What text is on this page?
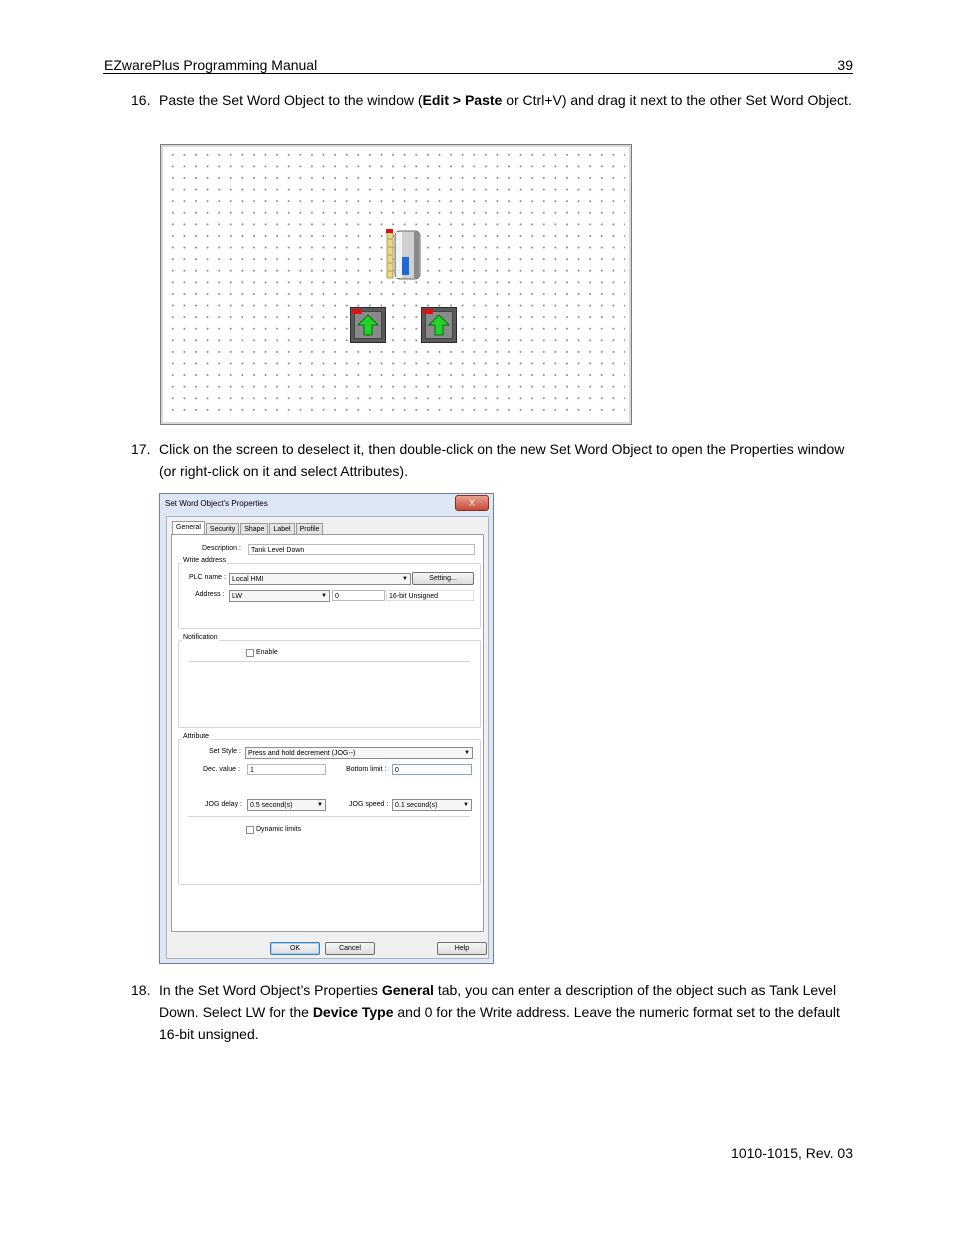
EZwarePlus Programming Manual	39
16. Paste the Set Word Object to the window (Edit > Paste or Ctrl+V) and drag it next to the other Set Word Object.
17. Click on the screen to deselect it, then double-click on the new Set Word Object to open the Properties window (or right-click on it and select Attributes).
Set Word Object's Properties	X
General	Security	Shape	Label	Profile
Description :	Tank Level Down
Write address
PLC name : Local HMI	▼	Setting...
Address :	LW	▼	0	16-bit Unsigned
Notification
Enable
Attribute
Set Style :	Press and hold decrement (JOG--)	▼
Dec. value :	1	Bottom limit :	0
JOG delay :	0.5 second(s)	▼	JOG speed : 0.1 second(s)	▼
Dynamic limits
OK	Cancel	Help
18. In the Set Word Object’s Properties General tab, you can enter a description of the object such as Tank Level Down. Select LW for the Device Type and 0 for the Write address. Leave the numeric format set to the default 16-bit unsigned.
1010-1015, Rev. 03
